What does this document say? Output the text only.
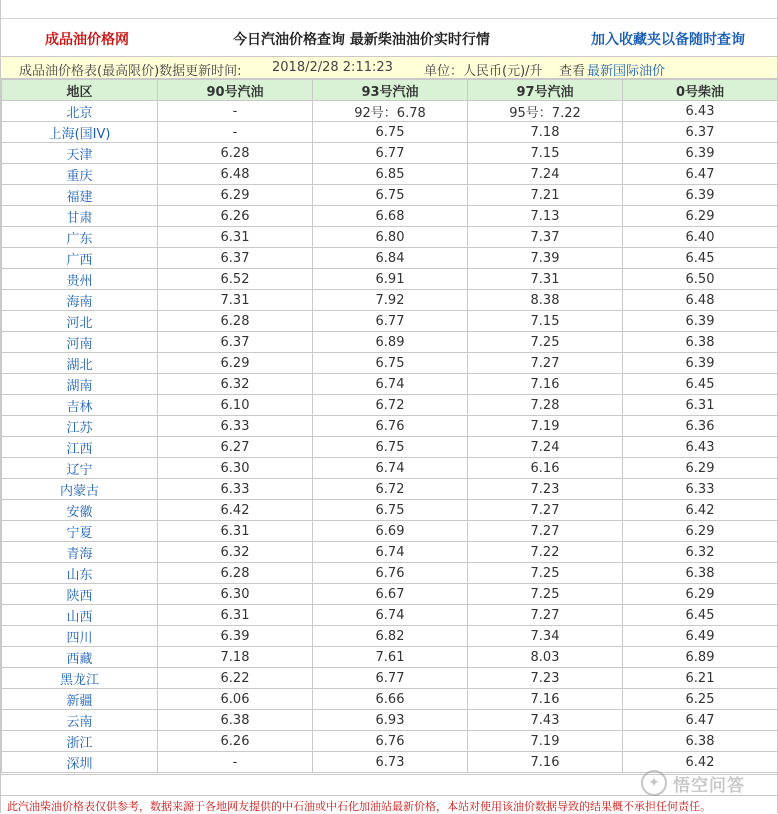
成品油价格网	今日汽油价格查询 最新柴油油价实时行情	加入收藏夹以备随时查询
成品油价格表(最高限价)数据更新时间: 2018/2/28 2:11:23 单位：人民币(元)/升 查看 最新国际油价
地区	90号汽油	93号汽油	97号汽油	0号柴油
北京	-	92号：6.78	95号：7.22	6.43
上海(国IV)	-	6.75	7.18	6.37
天津	6.28	6.77	7.15	6.39
重庆	6.48	6.85	7.24	6.47
福建	6.29	6.75	7.21	6.39
甘肃	6.26	6.68	7.13	6.29
广东	6.31	6.80	7.37	6.40
广西	6.37	6.84	7.39	6.45
贵州	6.52	6.91	7.31	6.50
海南	7.31	7.92	8.38	6.48
河北	6.28	6.77	7.15	6.39
河南	6.37	6.89	7.25	6.38
湖北	6.29	6.75	7.27	6.39
湖南	6.32	6.74	7.16	6.45
吉林	6.10	6.72	7.28	6.31
江苏	6.33	6.76	7.19	6.36
江西	6.27	6.75	7.24	6.43
辽宁	6.30	6.74	6.16	6.29
内蒙古	6.33	6.72	7.23	6.33
安徽	6.42	6.75	7.27	6.42
宁夏	6.31	6.69	7.27	6.29
青海	6.32	6.74	7.22	6.32
山东	6.28	6.76	7.25	6.38
陕西	6.30	6.67	7.25	6.29
山西	6.31	6.74	7.27	6.45
四川	6.39	6.82	7.34	6.49
西藏	7.18	7.61	8.03	6.89
黑龙江	6.22	6.77	7.23	6.21
新疆	6.06	6.66	7.16	6.25
云南	6.38	6.93	7.43	6.47
浙江	6.26	6.76	7.19	6.38
深圳	-	6.73	7.16	6.42
此汽油柴油价格表仅供参考，数据来源于各地网友提供的中石油或中石化加油站最新价格，本站对使用该油价数据导致的结果概不承担任何责任。
✦ 悟空问答
